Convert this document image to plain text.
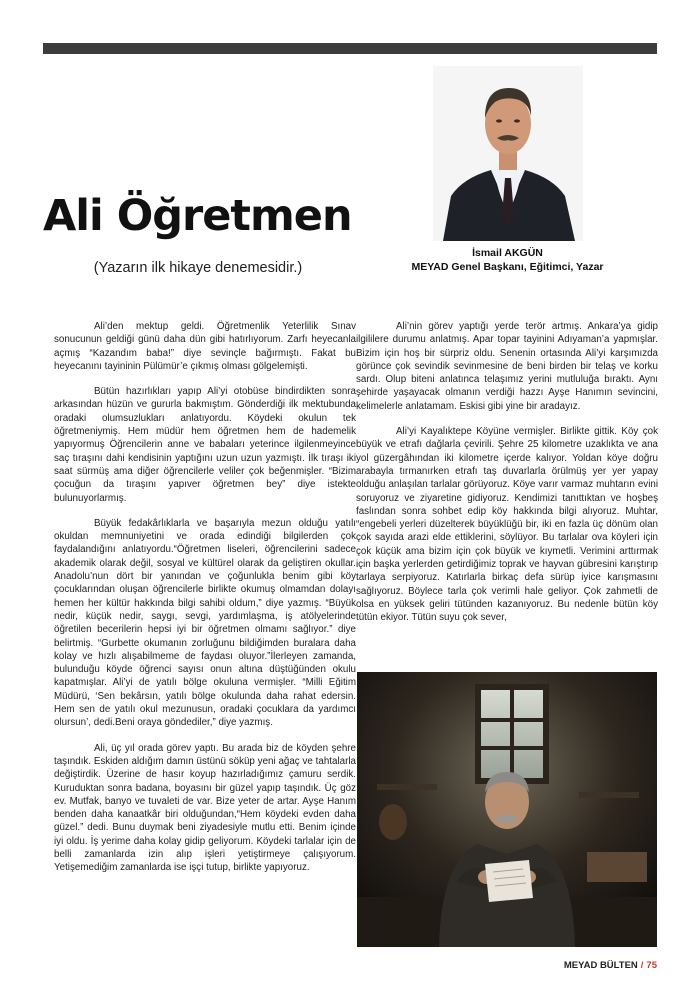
Ali Öğretmen

(Yazarın ilk hikaye denemesidir.)

İsmail AKGÜN

MEYAD Genel Başkanı, Eğitimci, Yazar

Ali’den mektup geldi. Öğretmenlik Yeterlilik Sınav sonucunun geldiği günü daha dün gibi hatırlıyorum. Zarfı heyecanla açmış “Kazandım baba!” diye sevinçle bağırmıştı. Fakat bu heyecanını tayininin Pülümür’e çıkmış olması gölgelemişti.

Bütün hazırlıkları yapıp Ali’yi otobüse bindirdikten sonra arkasından hüzün ve gururla bakmıştım. Gönderdiği ilk mektubunda oradaki olumsuzlukları anlatıyordu. Köydeki okulun tek öğretmeniymiş. Hem müdür hem öğretmen hem de hademelik yapıyormuş Öğrencilerin anne ve babaları yeterince ilgilenmeyince saç tıraşını dahi kendisinin yaptığını uzun uzun yazmıştı. İlk tıraşı iki saat sürmüş ama diğer öğrencilerle veliler çok beğenmişler. “Bizim çocuğun da tıraşını yapıver öğretmen bey” diye istekte bulunuyorlarmış.

Büyük fedakârlıklarla ve başarıyla mezun olduğu yatılı okuldan memnuniyetini ve orada edindiği bilgilerden çok faydalandığını anlatıyordu.“Öğretmen liseleri, öğrencilerini sadece akademik olarak değil, sosyal ve kültürel olarak da geliştiren okullar. Anadolu’nun dört bir yanından ve çoğunlukla benim gibi köy çocuklarından oluşan öğrencilerle birlikte okumuş olmamdan dolayı hemen her kültür hakkında bilgi sahibi oldum,” diye yazmış. “Büyük nedir, küçük nedir, saygı, sevgi, yardımlaşma, iş atölyelerinde öğretilen becerilerin hepsi iyi bir öğretmen olmamı sağlıyor.” diye belirtmiş. “Gurbette okumanın zorluğunu bildiğimden buralara daha kolay ve hızlı alışabilmeme de faydası oluyor.”İlerleyen zamanda, bulunduğu köyde öğrenci sayısı onun altına düştüğünden okulu kapatmışlar. Ali’yi de yatılı bölge okuluna vermişler. “Milli Eğitim Müdürü, ‘Sen bekârsın, yatılı bölge okulunda daha rahat edersin. Hem sen de yatılı okul mezunusun, oradaki çocuklara da yardımcı olursun’, dedi.Beni oraya göndediler,” diye yazmış.

Ali, üç yıl orada görev yaptı. Bu arada biz de köyden şehre taşındık. Eskiden aldığım damın üstünü söküp yeni ağaç ve tahtalarla değiştirdik. Üzerine de hasır koyup hazırladığımız çamuru serdik. Kuruduktan sonra badana, boyasını bir güzel yapıp taşındık. Üç göz ev. Mutfak, banyo ve tuvaleti de var. Bize yeter de artar. Ayşe Hanım benden daha kanaatkâr biri olduğundan,“Hem köydeki evden daha güzel.” dedi. Bunu duymak beni ziyadesiyle mutlu etti. Benim içinde iyi oldu. İş yerime daha kolay gidip geliyorum. Köydeki tarlalar için de belli zamanlarda izin alıp işleri yetiştirmeye çalışıyorum. Yetişemediğim zamanlarda ise işçi tutup, birlikte yapıyoruz.

Ali’nin görev yaptığı yerde terör artmış. Ankara’ya gidip ilgililere durumu anlatmış. Apar topar tayinini Adıyaman’a yapmışlar. Bizim için hoş bir sürpriz oldu. Senenin ortasında Ali’yi karşımızda görünce çok sevindik sevinmesine de beni birden bir telaş ve korku sardı. Olup biteni anlatınca telaşımız yerini mutluluğa bıraktı. Aynı şehirde yaşayacak olmanın verdiği hazzı Ayşe Hanımın sevincini, kelimelerle anlatamam. Eskisi gibi yine bir aradayız.

Ali’yi Kayalıktepe Köyüne vermişler. Birlikte gittik. Köy çok büyük ve etrafı dağlarla çevirili. Şehre 25 kilometre uzaklıkta ve ana yol güzergâhından iki kilometre içerde kalıyor. Yoldan köye doğru arabayla tırmanırken etrafı taş duvarlarla örülmüş yer yer yapay olduğu anlaşılan tarlalar görüyoruz. Köye varır varmaz muhtarın evini soruyoruz ve ziyaretine gidiyoruz. Kendimizi tanıttıktan ve hoşbeş faslından sonra sohbet edip köy hakkında bilgi alıyoruz. Muhtar, “engebeli yerleri düzelterek büyüklüğü bir, iki en fazla üç dönüm olan çok sayıda arazi elde ettiklerini, söylüyor. Bu tarlalar ova köyleri için çok küçük ama bizim için çok büyük ve kıymetli. Verimini arttırmak için başka yerlerden getirdiğimiz toprak ve hayvan gübresini karıştırıp tarlaya serpiyoruz. Katırlarla birkaç defa sürüp iyice karışmasını sağlıyoruz. Böylece tarla çok verimli hale geliyor. Çok zahmetli de olsa en yüksek geliri tütünden kazanıyoruz. Bu nedenle bütün köy tütün ekiyor. Tütün suyu çok sever,

MEYAD BÜLTEN / 75
